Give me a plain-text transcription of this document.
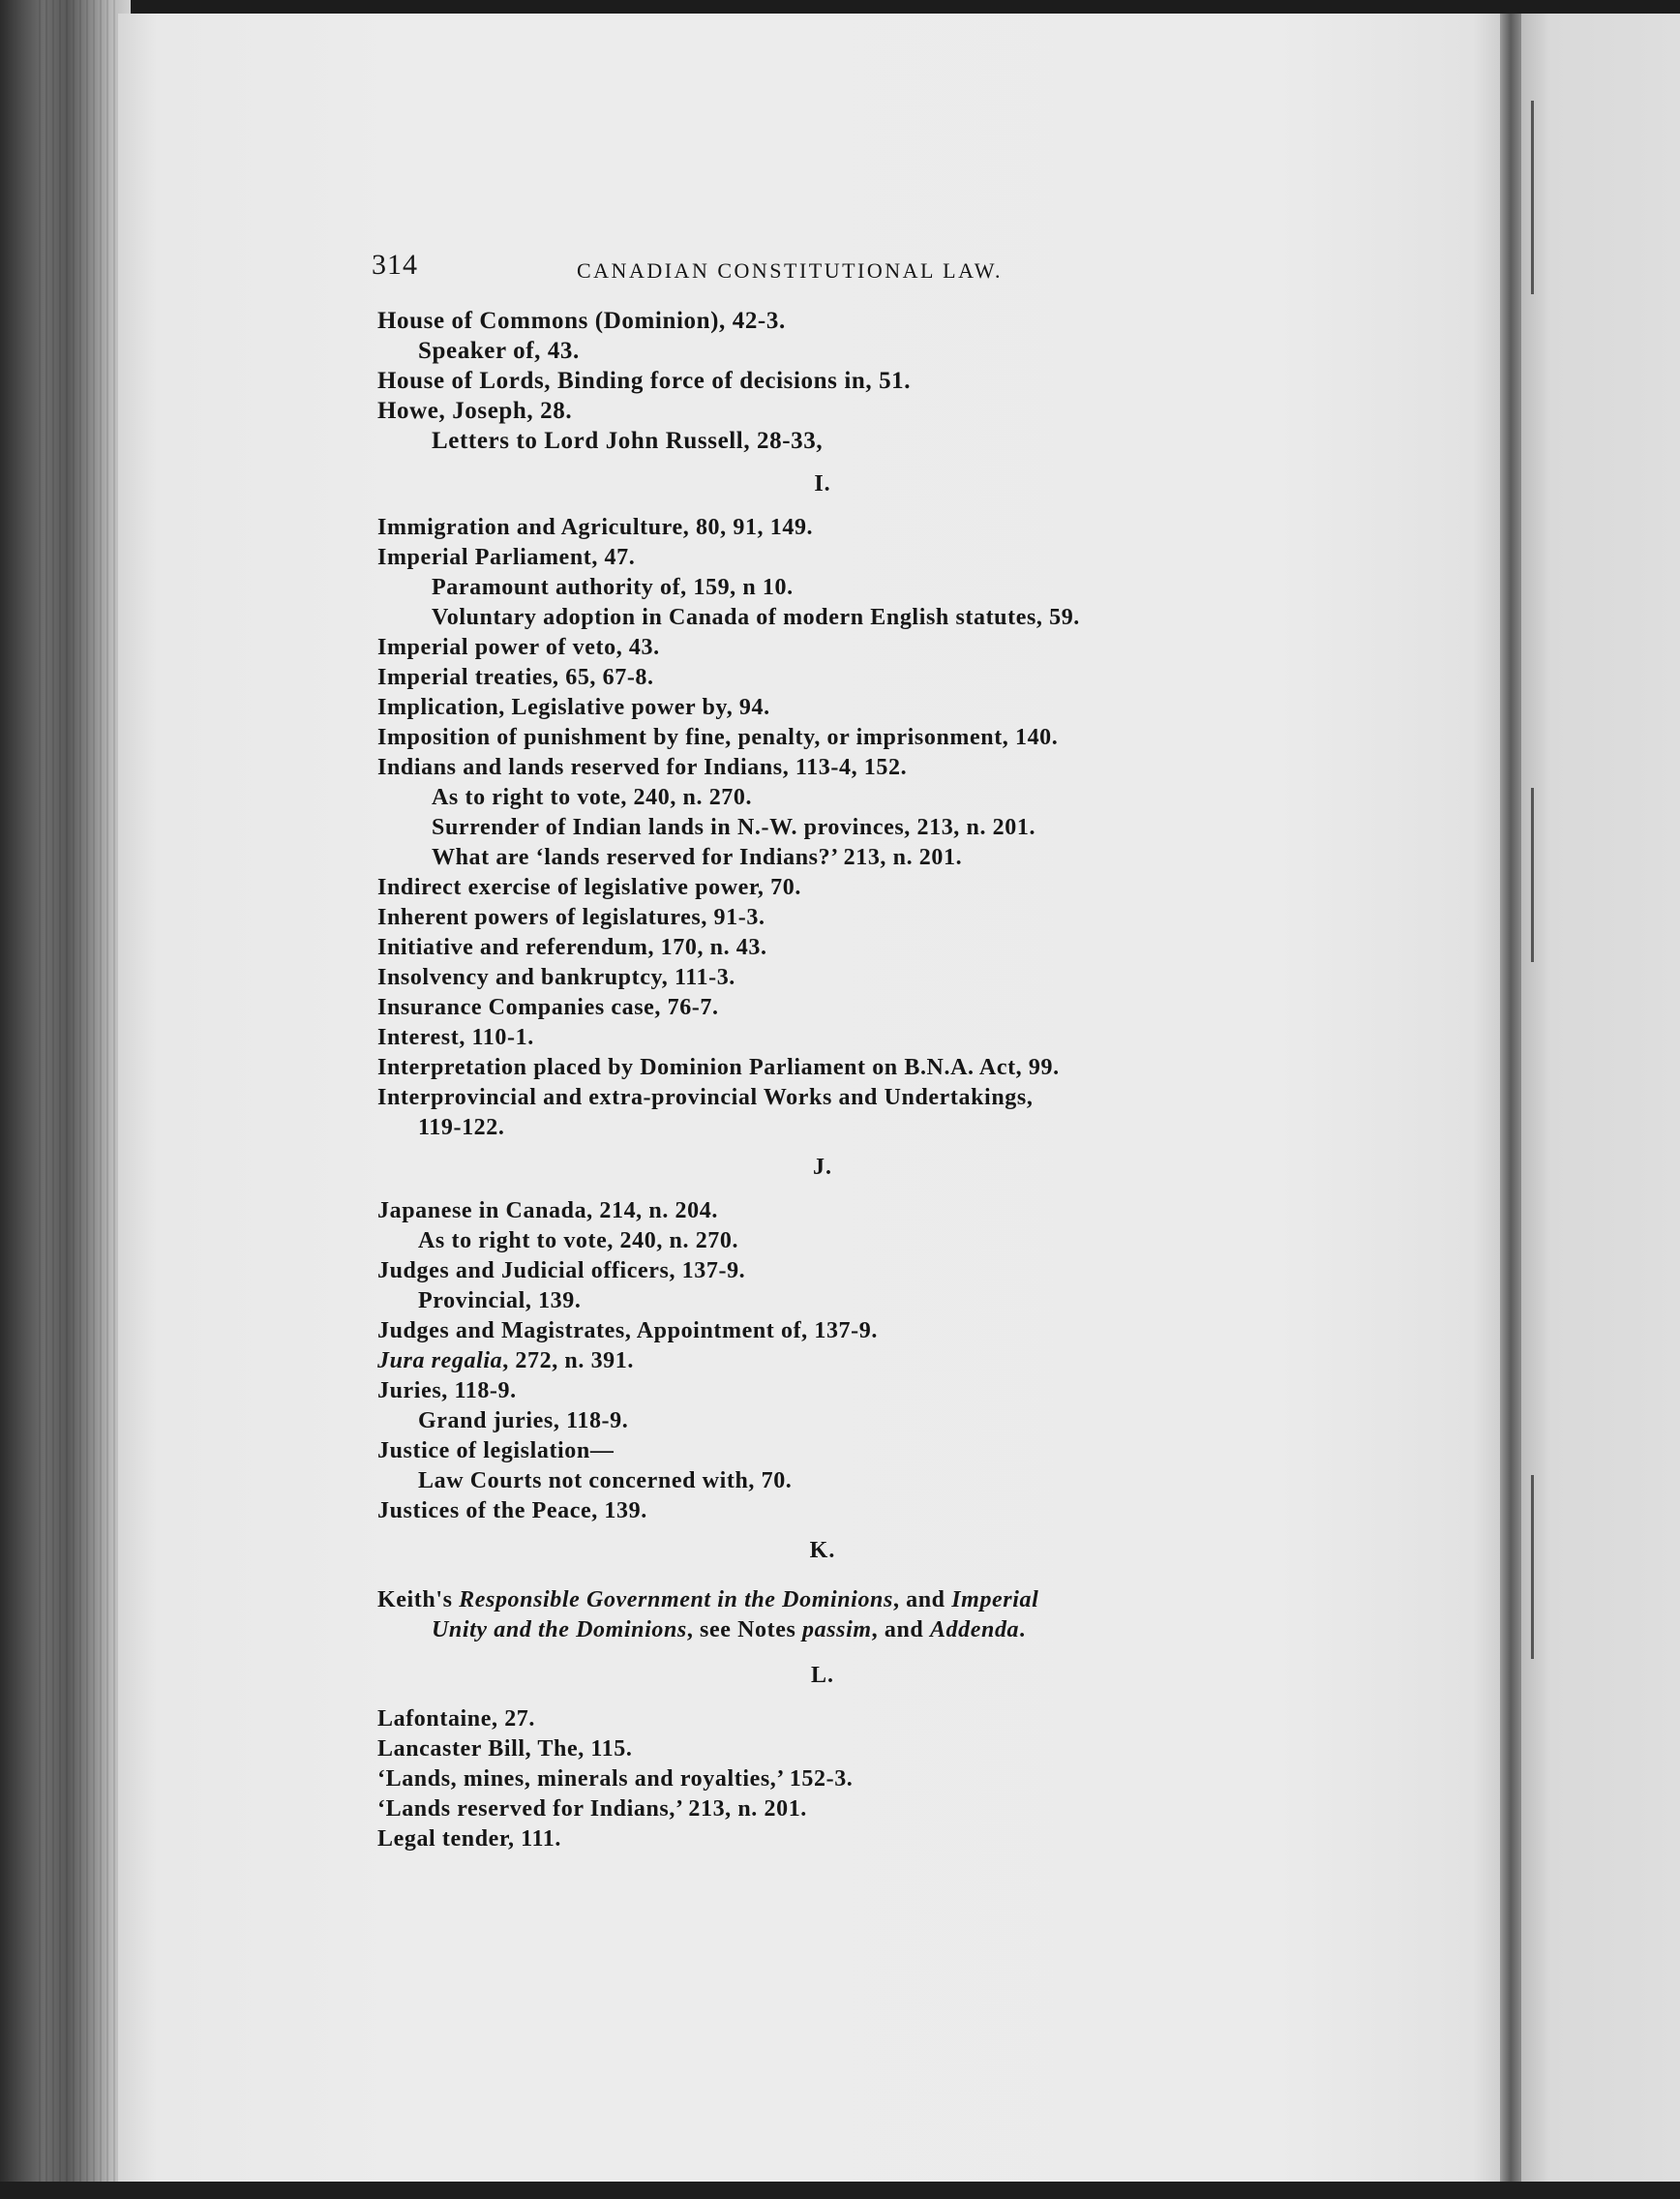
314	CANADIAN CONSTITUTIONAL LAW.

House of Commons (Dominion), 42-3.

Speaker of, 43.

House of Lords, Binding force of decisions in, 51.

Howe, Joseph, 28.

Letters to Lord John Russell, 28-33,

I.

Immigration and Agriculture, 80, 91, 149.

Imperial Parliament, 47.

Paramount authority of, 159, n 10.

Voluntary adoption in Canada of modern English statutes, 59.

Imperial power of veto, 43.

Imperial treaties, 65, 67-8.

Implication, Legislative power by, 94.

Imposition of punishment by fine, penalty, or imprisonment, 140.

Indians and lands reserved for Indians, 113-4, 152.

As to right to vote, 240, n. 270.

Surrender of Indian lands in N.-W. provinces, 213, n. 201.

What are ‘lands reserved for Indians?’ 213, n. 201.

Indirect exercise of legislative power, 70.

Inherent powers of legislatures, 91-3.

Initiative and referendum, 170, n. 43.

Insolvency and bankruptcy, 111-3.

Insurance Companies case, 76-7.

Interest, 110-1.

Interpretation placed by Dominion Parliament on B.N.A. Act, 99.

Interprovincial and extra-provincial Works and Undertakings,

119-122.

J.

Japanese in Canada, 214, n. 204.

As to right to vote, 240, n. 270.

Judges and Judicial officers, 137-9.

Provincial, 139.

Judges and Magistrates, Appointment of, 137-9.

Jura regalia, 272, n. 391.

Juries, 118-9.

Grand juries, 118-9.

Justice of legislation—

Law Courts not concerned with, 70.

Justices of the Peace, 139.

K.

Keith's Responsible Government in the Dominions, and Imperial

Unity and the Dominions, see Notes passim, and Addenda.

L.

Lafontaine, 27.

Lancaster Bill, The, 115.

‘Lands, mines, minerals and royalties,’ 152-3.

‘Lands reserved for Indians,’ 213, n. 201.

Legal tender, 111.
